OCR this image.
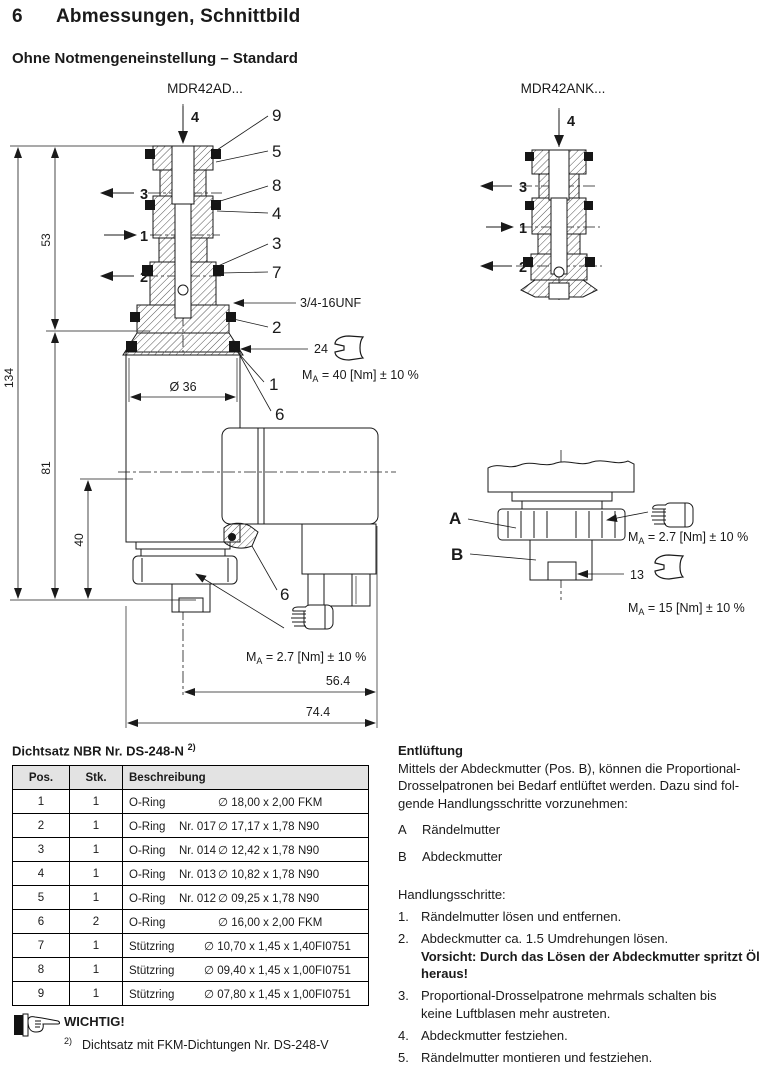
6 Abmessungen, Schnittbild
Ohne Notmengeneinstellung – Standard
MDR42AD...	MDR42ANK...
4
3
1
2
9
5
8
4
3
7
3/4-16UNF
2
24
1
6
6
$M_A = 40$ [Nm] ± 10 %
$M_A = 2.7$ [Nm] ± 10 %
134
53
81
40
Ø 36
56.4
74.4
4
3
1
2
A
B
13
$M_A = 2.7$ [Nm] ± 10 %
$M_A = 15$ [Nm] ± 10 %
Dichtsatz NBR Nr. DS-248-N $^{2)}$
Pos.	Stk.	Beschreibung
1	1	O-Ring ∅ 18,00 x 2,00 FKM
2	1	O-Ring Nr. 017 ∅ 17,17 x 1,78 N90
3	1	O-Ring Nr. 014 ∅ 12,42 x 1,78 N90
4	1	O-Ring Nr. 013 ∅ 10,82 x 1,78 N90
5	1	O-Ring Nr. 012 ∅ 09,25 x 1,78 N90
6	2	O-Ring ∅ 16,00 x 2,00 FKM
7	1	Stützring ∅ 10,70 x 1,45 x 1,40FI0751
8	1	Stützring ∅ 09,40 x 1,45 x 1,00FI0751
9	1	Stützring ∅ 07,80 x 1,45 x 1,00FI0751
WICHTIG!
$^{2)}$ Dichtsatz mit FKM-Dichtungen Nr. DS-248-V
Entlüftung
Mittels der Abdeckmutter (Pos. B), können die Proportional-
Drosselpatronen bei Bedarf entlüftet werden. Dazu sind fol-
gende Handlungsschritte vorzunehmen:
A	Rändelmutter
B	Abdeckmutter
Handlungsschritte:
1. Rändelmutter lösen und entfernen.
2. Abdeckmutter ca. 1.5 Umdrehungen lösen.
Vorsicht: Durch das Lösen der Abdeckmutter spritzt Öl
heraus!
3. Proportional-Drosselpatrone mehrmals schalten bis
keine Luftblasen mehr austreten.
4. Abdeckmutter festziehen.
5. Rändelmutter montieren und festziehen.
